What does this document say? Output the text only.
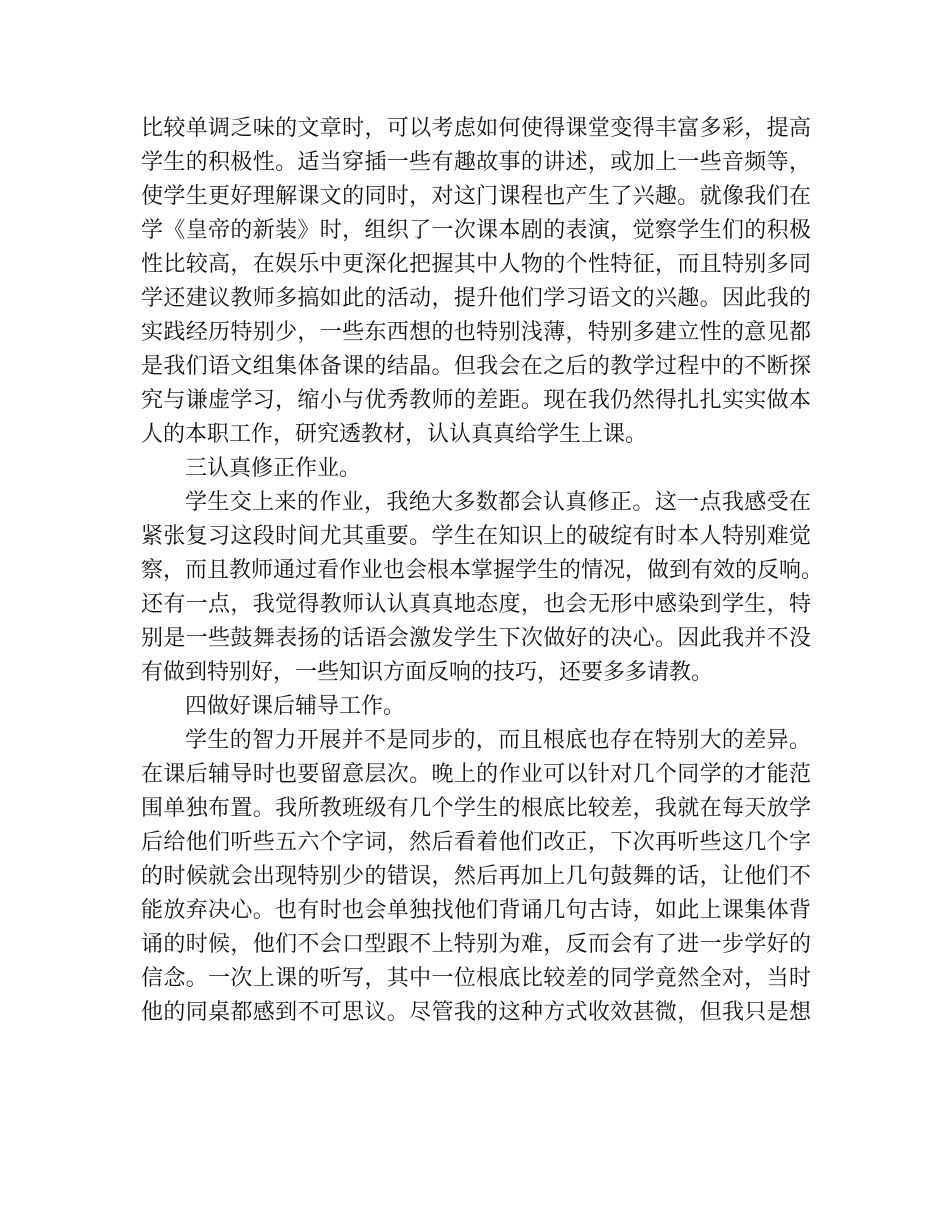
比较单调乏味的文章时，可以考虑如何使得课堂变得丰富多彩，提高
学生的积极性。适当穿插一些有趣故事的讲述，或加上一些音频等，
使学生更好理解课文的同时，对这门课程也产生了兴趣。就像我们在
学《皇帝的新装》时，组织了一次课本剧的表演，觉察学生们的积极
性比较高，在娱乐中更深化把握其中人物的个性特征，而且特别多同
学还建议教师多搞如此的活动，提升他们学习语文的兴趣。因此我的
实践经历特别少，一些东西想的也特别浅薄，特别多建立性的意见都
是我们语文组集体备课的结晶。但我会在之后的教学过程中的不断探
究与谦虚学习，缩小与优秀教师的差距。现在我仍然得扎扎实实做本
人的本职工作，研究透教材，认认真真给学生上课。
三认真修正作业。
学生交上来的作业，我绝大多数都会认真修正。这一点我感受在
紧张复习这段时间尤其重要。学生在知识上的破绽有时本人特别难觉
察，而且教师通过看作业也会根本掌握学生的情况，做到有效的反响。
还有一点，我觉得教师认认真真地态度，也会无形中感染到学生，特
别是一些鼓舞表扬的话语会激发学生下次做好的决心。因此我并不没
有做到特别好，一些知识方面反响的技巧，还要多多请教。
四做好课后辅导工作。
学生的智力开展并不是同步的，而且根底也存在特别大的差异。
在课后辅导时也要留意层次。晚上的作业可以针对几个同学的才能范
围单独布置。我所教班级有几个学生的根底比较差，我就在每天放学
后给他们听些五六个字词，然后看着他们改正，下次再听些这几个字
的时候就会出现特别少的错误，然后再加上几句鼓舞的话，让他们不
能放弃决心。也有时也会单独找他们背诵几句古诗，如此上课集体背
诵的时候，他们不会口型跟不上特别为难，反而会有了进一步学好的
信念。一次上课的听写，其中一位根底比较差的同学竟然全对，当时
他的同桌都感到不可思议。尽管我的这种方式收效甚微，但我只是想
